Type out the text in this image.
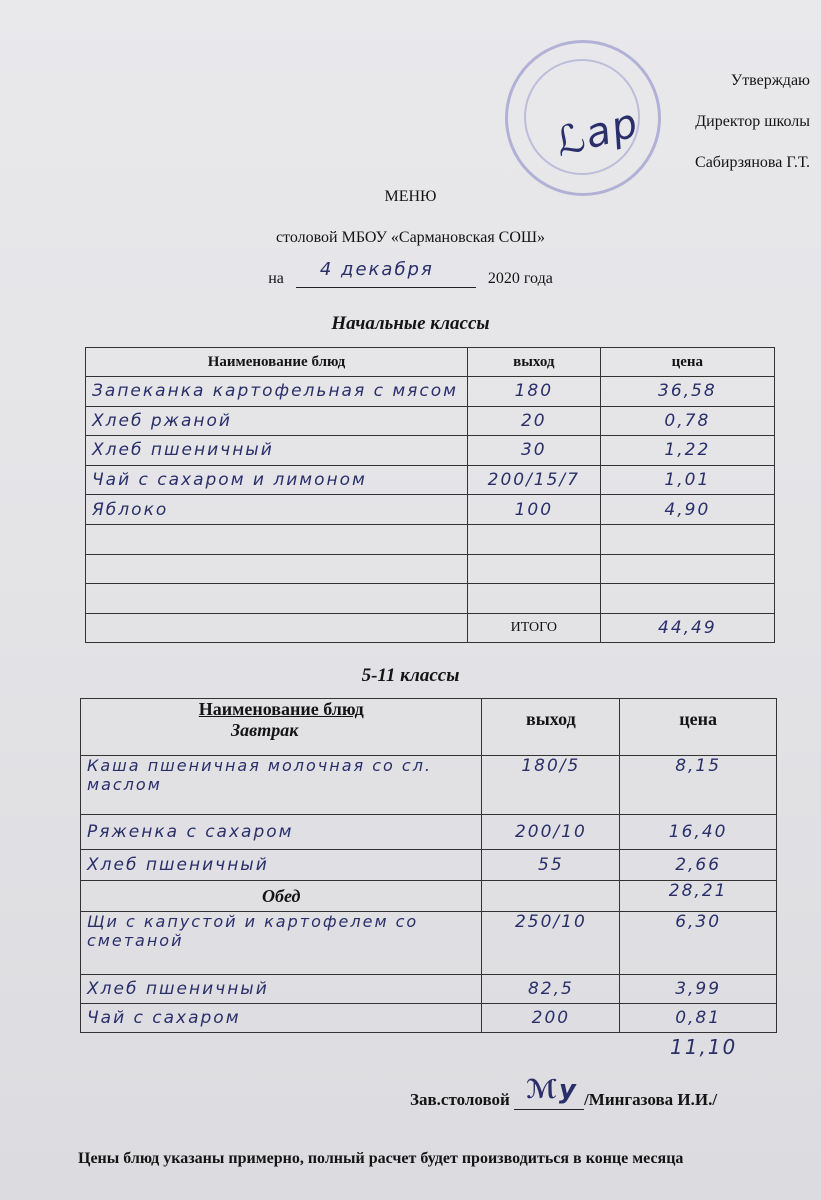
ℒap
Утверждаю
Директор школы
Сабирзянова Г.Т.
МЕНЮ
столовой МБОУ «Сармановская СОШ»
на 4 декабря	2020 года
Начальные классы
Наименование блюд	выход	цена
Запеканка картофельная с мясом	180	36,58
Хлеб ржаной	20	0,78
Хлеб пшеничный	30	1,22
Чай с сахаром и лимоном	200/15/7	1,01
Яблоко	100	4,90

	ИТОГО	44,49
5-11 классы
Наименование блюд
Завтрак	выход	цена
Каша пшеничная молочная со сл. маслом	180/5	8,15
Ряженка с сахаром	200/10	16,40
Хлеб пшеничный	55	2,66
Обед		28,21
Щи с капустой и картофелем со сметаной	250/10	6,30
Хлеб пшеничный	82,5	3,99
Чай с сахаром	200	0,81
11,10
Зав.столовой ℳy /Мингазова И.И./
Цены блюд указаны примерно, полный расчет будет производиться в конце месяца
